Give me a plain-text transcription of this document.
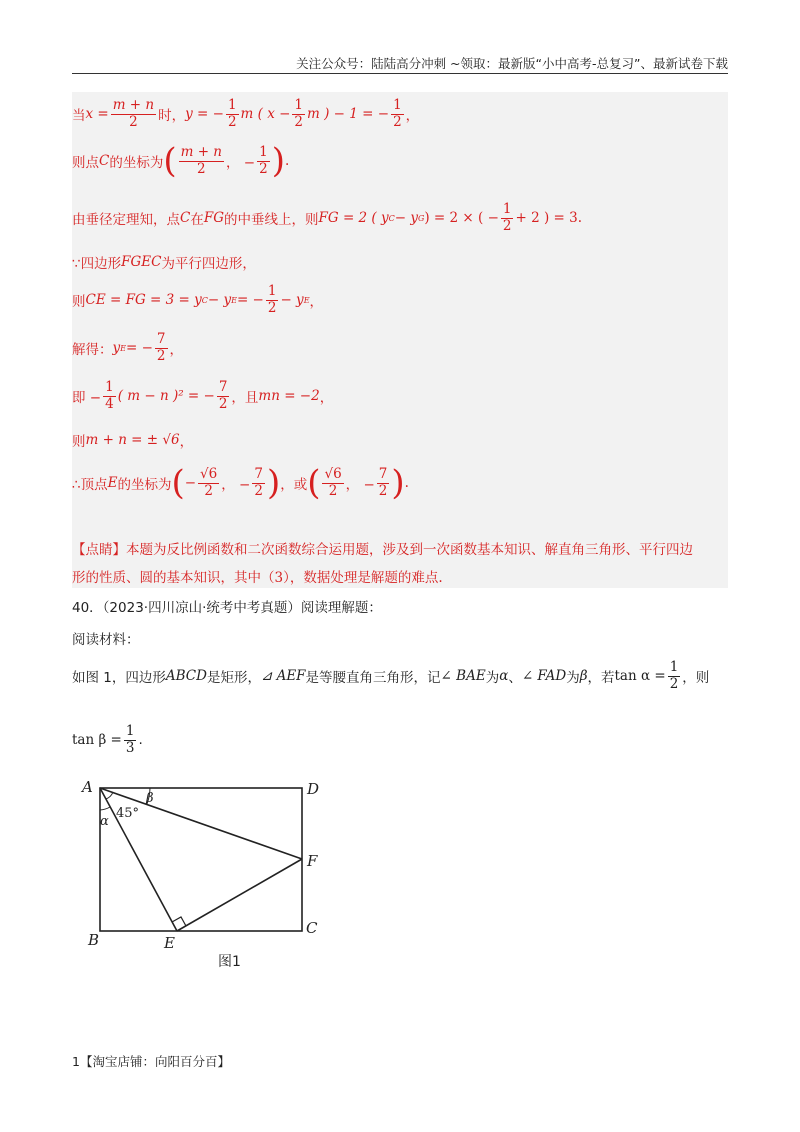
关注公众号：陆陆高分冲刺 ~领取：最新版“小中高考-总复习”、最新试卷下载
当 $x = \frac{m + n}{2}$ 时， y = − $\frac{1}{2}$ m ( $x - \frac{1}{2}$ m ) − 1 = − $\frac{1}{2}$ ，
则点 C 的坐标为 ( $\frac{m + n}{2}$ ， − $\frac{1}{2}$ ) .
由垂径定理知，点 C 在 FG 的中垂线上，则 FG = 2 ( y C − y G ) = 2 × ( − $\frac{1}{2} + 2$ ) = 3 .
∵四边形 FGEC 为平行四边形，
则 CE = FG = 3 = y C − y E = − $\frac{1}{2} - y$ E ，
解得： y E = − $\frac{7}{2}$ ，
即 − $\frac{1}{4}$ ( m − n )² = − $\frac{7}{2}$ ，且 mn = −2 ，
则 m + n = ± √6 ，
∴顶点 E 的坐标为 ( − $\frac{√6}{2}$ ， − $\frac{7}{2}$ ) ，或 ( $\frac{√6}{2}$ ， − $\frac{7}{2}$ ) .
【点睛】本题为反比例函数和二次函数综合运用题，涉及到一次函数基本知识、解直角三角形、平行四边
形的性质、圆的基本知识，其中（3），数据处理是解题的难点.
40．（2023·四川凉山·统考中考真题）阅读理解题：
阅读材料：
如图 1，四边形 ABCD 是矩形， ⊿ AEF 是等腰直角三角形，记 ∠ BAE 为 α 、 ∠ FAD 为 β ，若 $\tan \alpha = \frac{1}{2}$ ，则
$\tan \beta = \frac{1}{3}$ .
A	D
F
C
B	E
α
β
45°
图1
1【淘宝店铺：向阳百分百】
